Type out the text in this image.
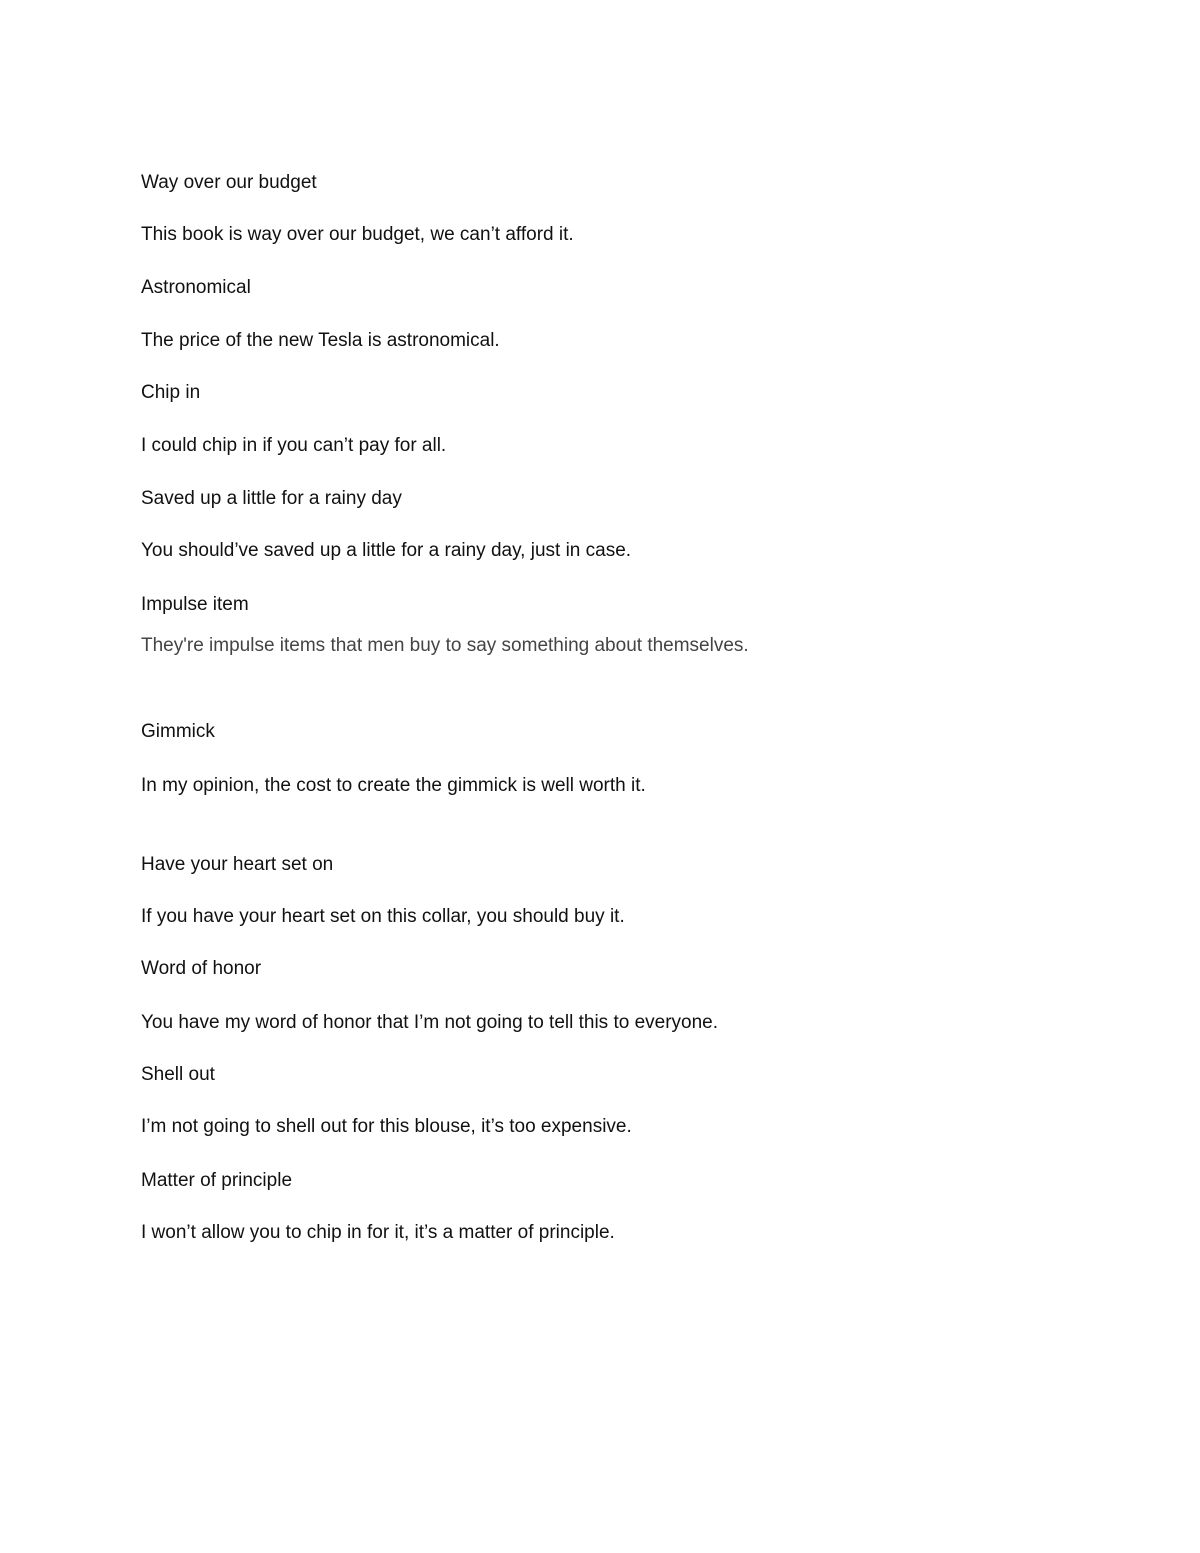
Way over our budget
This book is way over our budget, we can’t afford it.
Astronomical
The price of the new Tesla is astronomical.
Chip in
I could chip in if you can’t pay for all.
Saved up a little for a rainy day
You should’ve saved up a little for a rainy day, just in case.
Impulse item
They're impulse items that men buy to say something about themselves.
Gimmick
In my opinion, the cost to create the gimmick is well worth it.
Have your heart set on
If you have your heart set on this collar, you should buy it.
Word of honor
You have my word of honor that I’m not going to tell this to everyone.
Shell out
I’m not going to shell out for this blouse, it’s too expensive.
Matter of principle
I won’t allow you to chip in for it, it’s a matter of principle.
